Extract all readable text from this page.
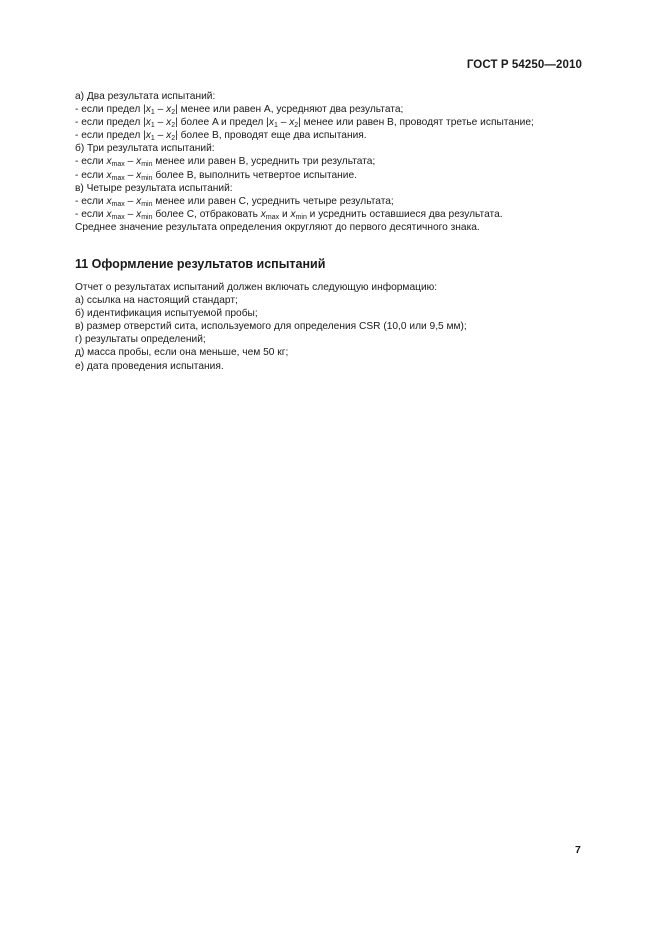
ГОСТ Р 54250—2010
а) Два результата испытаний:
- если предел $|x_1 - x_2|$ менее или равен A, усредняют два результата;
- если предел $|x_1 - x_2|$ более A и предел $|x_1 - x_2|$ менее или равен B, проводят третье испытание;
- если предел $|x_1 - x_2|$ более B, проводят еще два испытания.
б) Три результата испытаний:
- если $x_{max} - x_{min}$ менее или равен B, усреднить три результата;
- если $x_{max} - x_{min}$ более B, выполнить четвертое испытание.
в) Четыре результата испытаний:
- если $x_{max} - x_{min}$ менее или равен C, усреднить четыре результата;
- если $x_{max} - x_{min}$ более C, отбраковать $x_{max}$ и $x_{min}$ и усреднить оставшиеся два результата.
Среднее значение результата определения округляют до первого десятичного знака.
11 Оформление результатов испытаний
Отчет о результатах испытаний должен включать следующую информацию:
а) ссылка на настоящий стандарт;
б) идентификация испытуемой пробы;
в) размер отверстий сита, используемого для определения CSR (10,0 или 9,5 мм);
г) результаты определений;
д) масса пробы, если она меньше, чем 50 кг;
е) дата проведения испытания.
7
